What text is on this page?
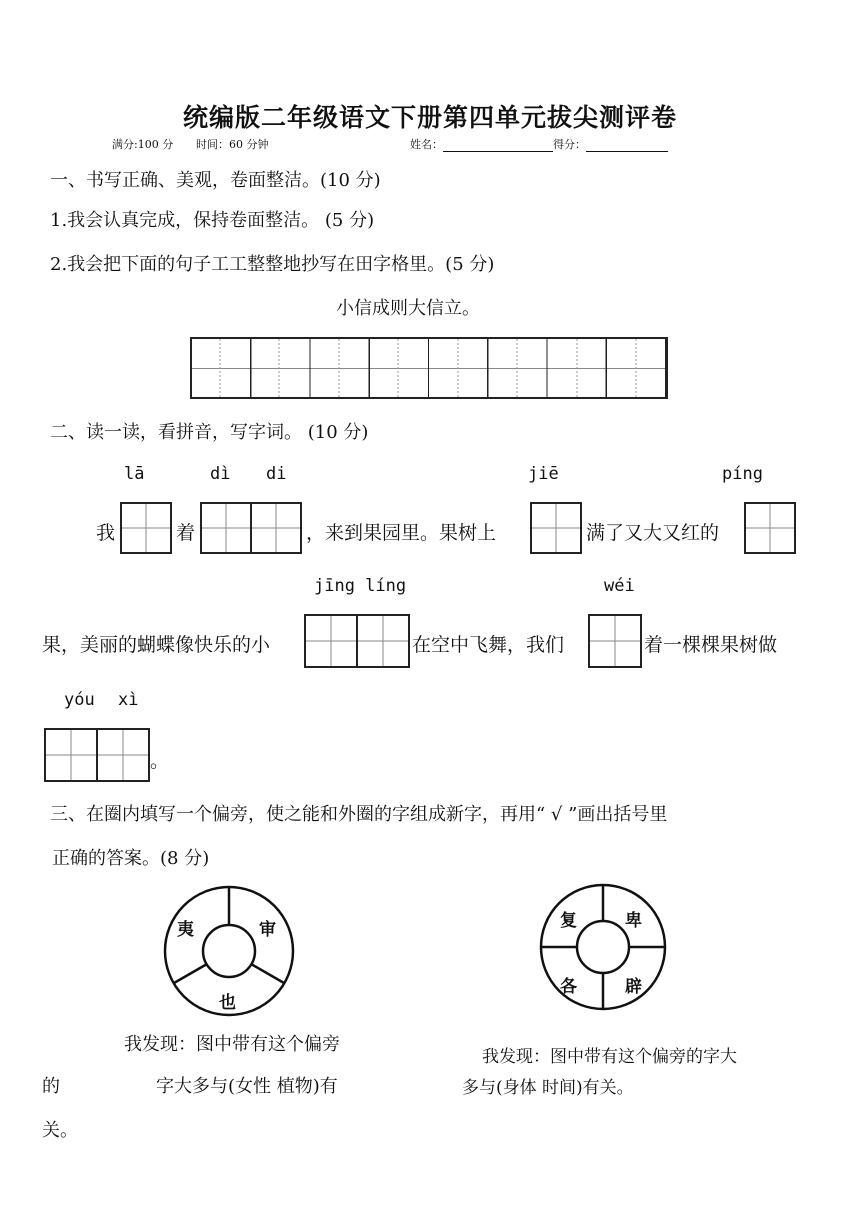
统编版二年级语文下册第四单元拔尖测评卷
满分:100 分 时间：60 分钟	姓名：	得分：
一、书写正确、美观，卷面整洁。(10 分)
1.我会认真完成，保持卷面整洁。 (5 分)
2.我会把下面的句子工工整整地抄写在田字格里。(5 分)
小信成则大信立。
二、读一读，看拼音，写字词。 (10 分)
lā	dì di	jiē	píng
我	着	，来到果园里。果树上	满了又大又红的
jīng líng	wéi
果，美丽的蝴蝶像快乐的小	在空中飞舞，我们	着一棵棵果树做
yóu xì
。
三、在圈内填写一个偏旁，使之能和外圈的字组成新字，再用“ √ ”画出括号里
正确的答案。(8 分)
夷	审
也
复	卑
各	辟
我发现：图中带有这个偏旁
的	字大多与(女性 植物)有
关。
我发现：图中带有这个偏旁的字大
多与(身体 时间)有关。
